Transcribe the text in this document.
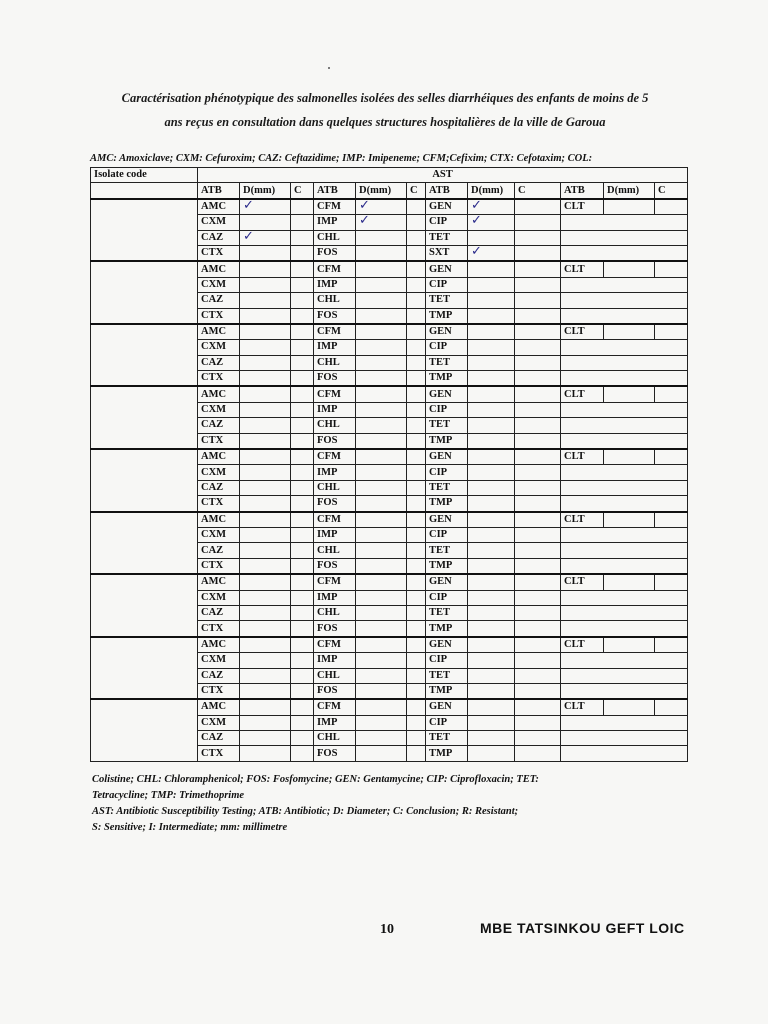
Caractérisation phénotypique des salmonelles isolées des selles diarrhéiques des enfants de moins de 5
ans reçus en consultation dans quelques structures hospitalières de la ville de Garoua
AMC: Amoxiclave; CXM: Cefuroxim; CAZ: Ceftazidime; IMP: Imipeneme; CFM;Cefixim; CTX: Cefotaxim; COL:
Isolate code	AST											
	ATB	D(mm)	C	ATB	D(mm)	C	ATB	D(mm)	C	ATB	D(mm)	C
	AMC	✓		CFM	✓		GEN	✓		CLT		
	CXM			IMP	✓		CIP	✓				
	CAZ	✓		CHL			TET					
	CTX			FOS			SXT	✓				
	AMC			CFM			GEN			CLT		
	CXM			IMP			CIP					
	CAZ			CHL			TET					
	CTX			FOS			TMP					
	AMC			CFM			GEN			CLT		
	CXM			IMP			CIP					
	CAZ			CHL			TET					
	CTX			FOS			TMP					
	AMC			CFM			GEN			CLT		
	CXM			IMP			CIP					
	CAZ			CHL			TET					
	CTX			FOS			TMP					
	AMC			CFM			GEN			CLT		
	CXM			IMP			CIP					
	CAZ			CHL			TET					
	CTX			FOS			TMP					
	AMC			CFM			GEN			CLT		
	CXM			IMP			CIP					
	CAZ			CHL			TET					
	CTX			FOS			TMP					
	AMC			CFM			GEN			CLT		
	CXM			IMP			CIP					
	CAZ			CHL			TET					
	CTX			FOS			TMP					
	AMC			CFM			GEN			CLT		
	CXM			IMP			CIP					
	CAZ			CHL			TET					
	CTX			FOS			TMP					
	AMC			CFM			GEN			CLT		
	CXM			IMP			CIP					
	CAZ			CHL			TET					
	CTX			FOS			TMP					
Colistine; CHL: Chloramphenicol; FOS: Fosfomycine; GEN: Gentamycine; CIP: Ciprofloxacin; TET:
Tetracycline; TMP: Trimethoprime
AST: Antibiotic Susceptibility Testing; ATB: Antibiotic; D: Diameter; C: Conclusion; R: Resistant;
S: Sensitive; I: Intermediate; mm: millimetre
10	MBE TATSINKOU GEFT LOIC
